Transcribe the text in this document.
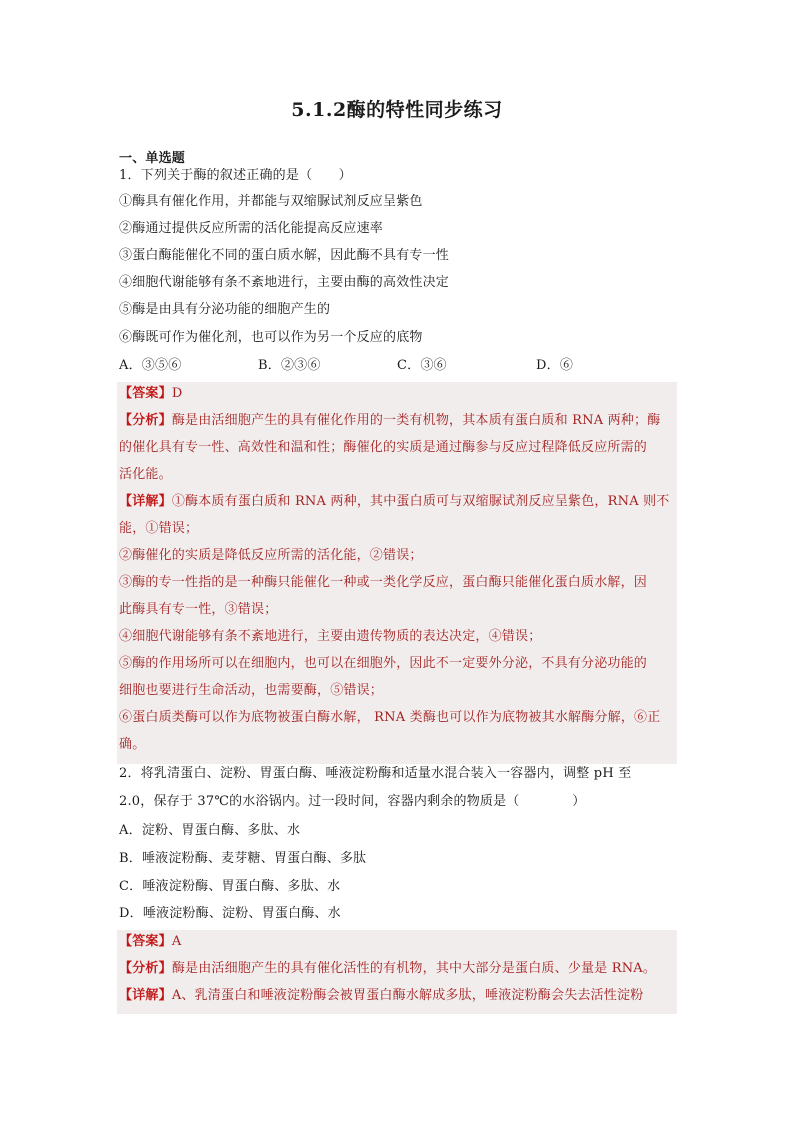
5.1.2酶的特性同步练习
一、单选题
1．下列关于酶的叙述正确的是（　　）
①酶具有催化作用，并都能与双缩脲试剂反应呈紫色
②酶通过提供反应所需的活化能提高反应速率
③蛋白酶能催化不同的蛋白质水解，因此酶不具有专一性
④细胞代谢能够有条不紊地进行，主要由酶的高效性决定
⑤酶是由具有分泌功能的细胞产生的
⑥酶既可作为催化剂，也可以作为另一个反应的底物
A．③⑤⑥	B．②③⑥	C．③⑥	D．⑥
【答案】D
【分析】酶是由活细胞产生的具有催化作用的一类有机物，其本质有蛋白质和 RNA 两种；酶
的催化具有专一性、高效性和温和性；酶催化的实质是通过酶参与反应过程降低反应所需的
活化能。
【详解】①酶本质有蛋白质和 RNA 两种，其中蛋白质可与双缩脲试剂反应呈紫色，RNA 则不
能，①错误；
②酶催化的实质是降低反应所需的活化能，②错误；
③酶的专一性指的是一种酶只能催化一种或一类化学反应，蛋白酶只能催化蛋白质水解，因
此酶具有专一性，③错误；
④细胞代谢能够有条不紊地进行，主要由遗传物质的表达决定，④错误；
⑤酶的作用场所可以在细胞内，也可以在细胞外，因此不一定要外分泌，不具有分泌功能的
细胞也要进行生命活动，也需要酶，⑤错误；
⑥蛋白质类酶可以作为底物被蛋白酶水解， RNA 类酶也可以作为底物被其水解酶分解，⑥正
确。
2．将乳清蛋白、淀粉、胃蛋白酶、唾液淀粉酶和适量水混合装入一容器内，调整 pH 至
2.0，保存于 37℃的水浴锅内。过一段时间，容器内剩余的物质是（　　　　）
A．淀粉、胃蛋白酶、多肽、水
B．唾液淀粉酶、麦芽糖、胃蛋白酶、多肽
C．唾液淀粉酶、胃蛋白酶、多肽、水
D．唾液淀粉酶、淀粉、胃蛋白酶、水
【答案】A
【分析】酶是由活细胞产生的具有催化活性的有机物，其中大部分是蛋白质、少量是 RNA。
【详解】A、乳清蛋白和唾液淀粉酶会被胃蛋白酶水解成多肽，唾液淀粉酶会失去活性淀粉
